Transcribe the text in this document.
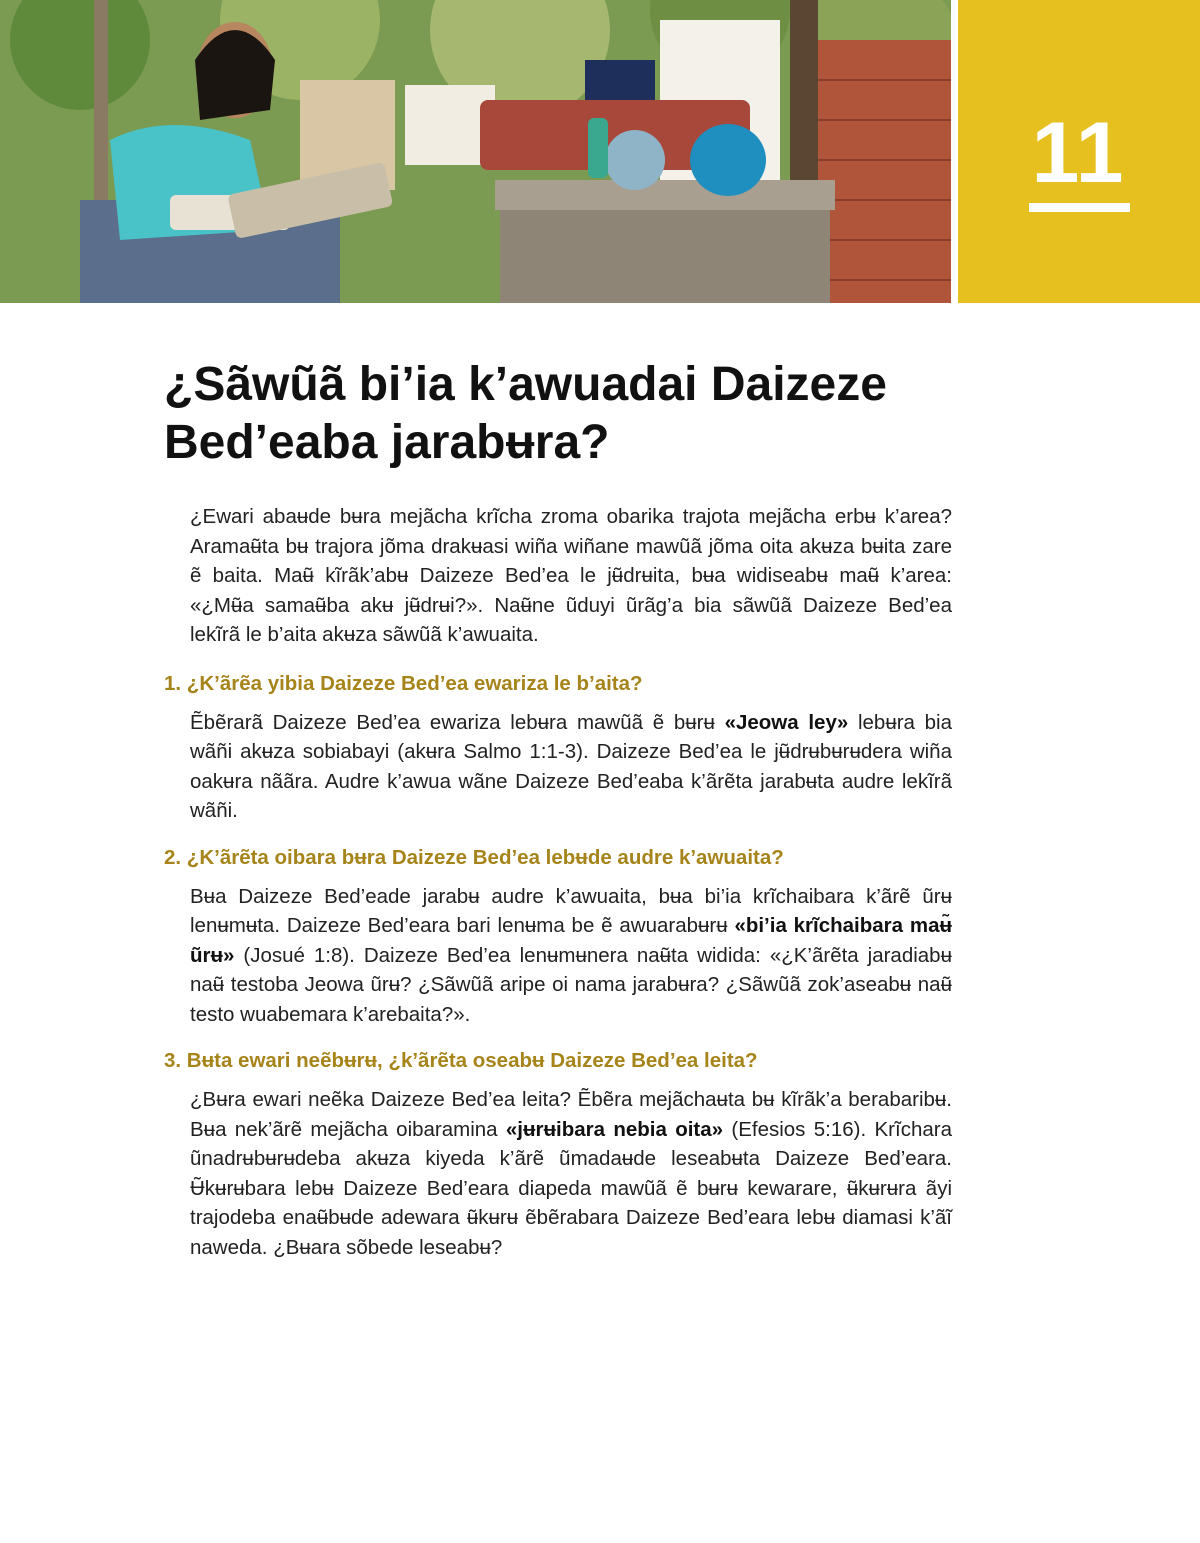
11
¿Sãwũã bi’ia k’awuadai Daizeze Bed’eaba jarabʉra?

¿Ewari abaʉde bʉra mejãcha krĩcha zroma obarika trajota mejãcha erbʉ k’area? Aramaʉ̃ta bʉ trajora jõma drakʉasi wiña wiñane mawũã jõma oita akʉza bʉita zare ẽ baita. Maʉ̃ kĩrãk’abʉ Daizeze Bed’ea le jʉ̃drʉita, bʉa widiseabʉ maʉ̃ k’area: «¿Mʉ̃a samaʉ̃ba akʉ jʉ̃drʉi?». Naʉ̃ne ũduyi ũrãg’a bia sãwũã Daizeze Bed’ea lekĩrã le b’aita akʉza sãwũã k’awuaita.

1. ¿K’ãrẽa yibia Daizeze Bed’ea ewariza le b’aita?

Ẽbẽrarã Daizeze Bed’ea ewariza lebʉra mawũã ẽ bʉrʉ «Jeowa ley» lebʉra bia wãñi akʉza sobiabayi (akʉra Salmo 1:1-3). Daizeze Bed’ea le jʉ̃drʉbʉrʉdera wiña oakʉra nããra. Audre k’awua wãne Daizeze Bed’eaba k’ãrẽta jarabʉta audre lekĩrã wãñi.

2. ¿K’ãrẽta oibara bʉra Daizeze Bed’ea lebʉde audre k’awuaita?

Bʉa Daizeze Bed’eade jarabʉ audre k’awuaita, bʉa bi’ia krĩchaibara k’ãrẽ ũrʉ lenʉmʉta. Daizeze Bed’eara bari lenʉma be ẽ awuarabʉrʉ «bi’ia krĩchaibara maʉ̃ ũrʉ» (Josué 1:8). Daizeze Bed’ea lenʉmʉnera naʉ̃ta widida: «¿K’ãrẽta jaradiabʉ naʉ̃ testoba Jeowa ũrʉ? ¿Sãwũã aripe oi nama jarabʉra? ¿Sãwũã zok’aseabʉ naʉ̃ testo wuabemara k’arebaita?».

3. Bʉta ewari neẽbʉrʉ, ¿k’ãrẽta oseabʉ Daizeze Bed’ea leita?

¿Bʉra ewari neẽka Daizeze Bed’ea leita? Ẽbẽra mejãchaʉta bʉ kĩrãk’a berabaribʉ. Bʉa nek’ãrẽ mejãcha oibaramina «jʉrʉibara nebia oita» (Efesios 5:16). Krĩchara ũnadrʉbʉrʉdeba akʉza kiyeda k’ãrẽ ũmadaʉde leseabʉta Daizeze Bed’eara. Ʉ̃kʉrʉbara lebʉ Daizeze Bed’eara diapeda mawũã ẽ bʉrʉ kewarare, ʉ̃kʉrʉra ãyi trajodeba enaʉ̃bʉde adewara ʉ̃kʉrʉ ẽbẽrabara Daizeze Bed’eara lebʉ diamasi k’ãĩ naweda. ¿Bʉara sõbede leseabʉ?
